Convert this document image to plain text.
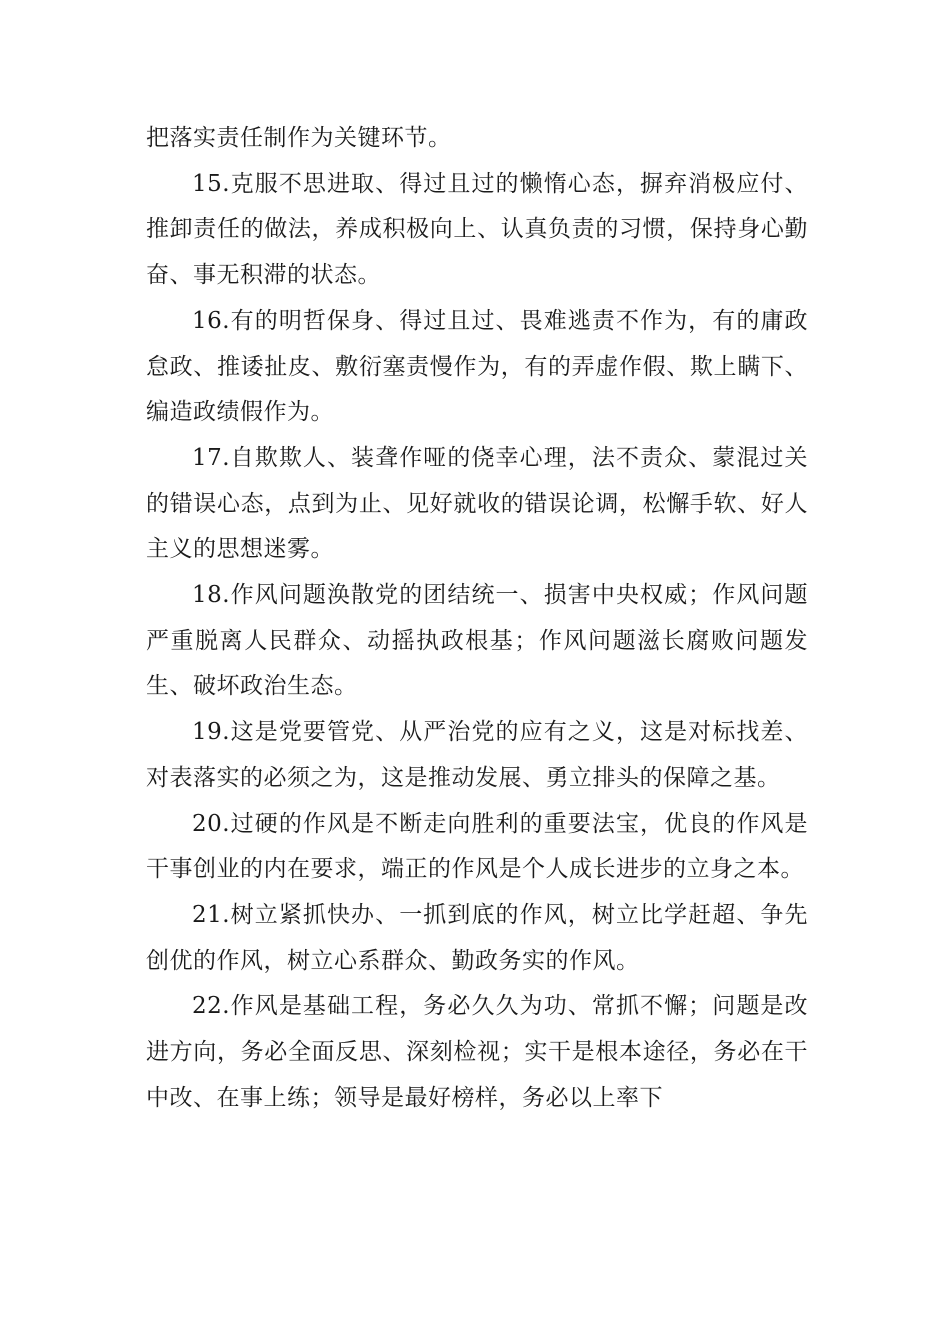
把落实责任制作为关键环节。

15.克服不思进取、得过且过的懒惰心态，摒弃消极应付、推卸责任的做法，养成积极向上、认真负责的习惯，保持身心勤奋、事无积滞的状态。

16.有的明哲保身、得过且过、畏难逃责不作为，有的庸政怠政、推诿扯皮、敷衍塞责慢作为，有的弄虚作假、欺上瞒下、编造政绩假作为。

17.自欺欺人、装聋作哑的侥幸心理，法不责众、蒙混过关的错误心态，点到为止、见好就收的错误论调，松懈手软、好人主义的思想迷雾。

18.作风问题涣散党的团结统一、损害中央权威；作风问题严重脱离人民群众、动摇执政根基；作风问题滋长腐败问题发生、破坏政治生态。

19.这是党要管党、从严治党的应有之义，这是对标找差、对表落实的必须之为，这是推动发展、勇立排头的保障之基。

20.过硬的作风是不断走向胜利的重要法宝，优良的作风是干事创业的内在要求，端正的作风是个人成长进步的立身之本。

21.树立紧抓快办、一抓到底的作风，树立比学赶超、争先创优的作风，树立心系群众、勤政务实的作风。

22.作风是基础工程，务必久久为功、常抓不懈；问题是改进方向，务必全面反思、深刻检视；实干是根本途径，务必在干中改、在事上练；领导是最好榜样，务必以上率下
